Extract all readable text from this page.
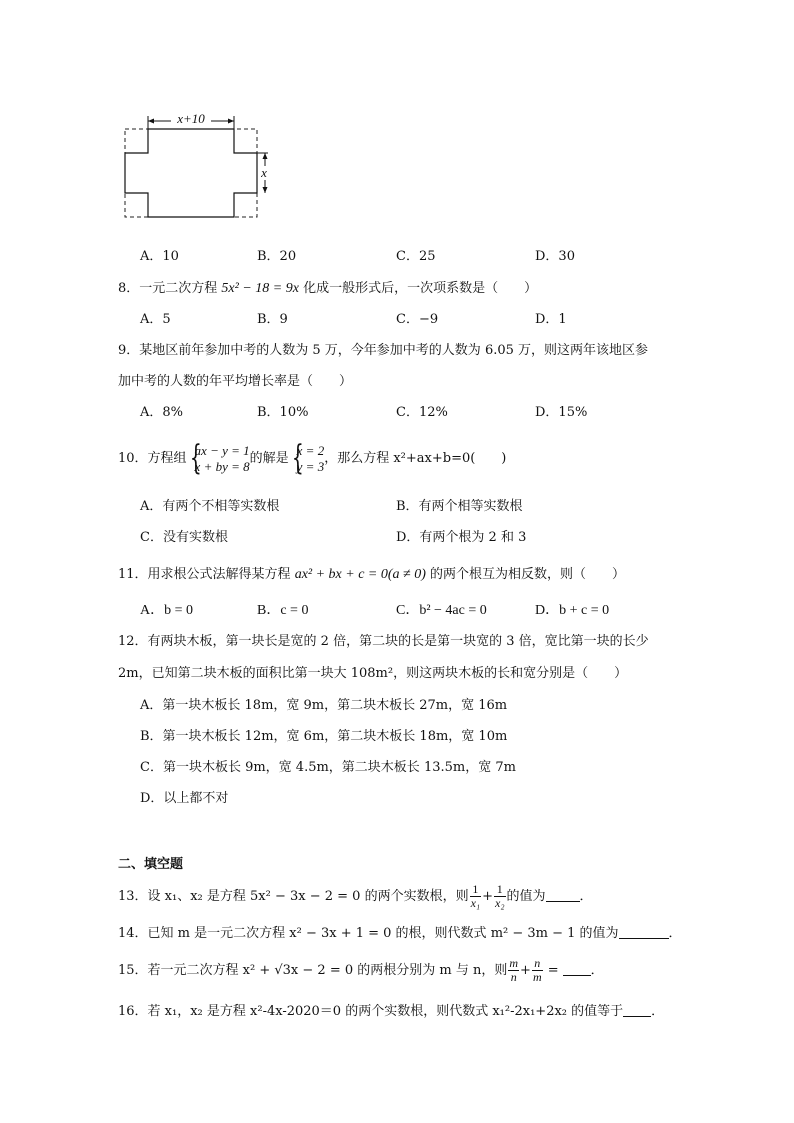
x+10
x
A．10	B．20	C．25	D．30
8．一元二次方程 5x² − 18 = 9x 化成一般形式后，一次项系数是（　　）
A．5	B．9	C．−9	D．1
9．某地区前年参加中考的人数为 5 万，今年参加中考的人数为 6.05 万，则这两年该地区参
加中考的人数的年平均增长率是（　　）
A．8%	B．10%	C．12%	D．15%
10．方程组 {
ax − y = 1
x + by = 8 的解是 {
x = 2
y = 3 ，那么方程 x²+ax+b=0(　　)
A．有两个不相等实数根	B．有两个相等实数根
C．没有实数根	D．有两个根为 2 和 3
11．用求根公式法解得某方程 ax² + bx + c = 0(a ≠ 0) 的两个根互为相反数，则（　　）
A．b = 0	B．c = 0	C．b² − 4ac = 0	D．b + c = 0
12．有两块木板，第一块长是宽的 2 倍，第二块的长是第一块宽的 3 倍，宽比第一块的长少
2m，已知第二块木板的面积比第一块大 108m²，则这两块木板的长和宽分别是（　　）
A．第一块木板长 18m，宽 9m，第二块木板长 27m，宽 16m
B．第一块木板长 12m，宽 6m，第二块木板长 18m，宽 10m
C．第一块木板长 9m，宽 4.5m，第二块木板长 13.5m，宽 7m
D．以上都不对
二、填空题
13．设 x₁、x₂ 是方程 5x² − 3x − 2 = 0 的两个实数根，则 $\frac{1}{\text{x₁}} + \frac{1}{\text{x₂}}$ 的值为	．
14．已知 m 是一元二次方程 x² − 3x + 1 = 0 的根，则代数式 m² − 3m − 1 的值为	．
15．若一元二次方程 x² + √3x − 2 = 0 的两根分别为 m 与 n，则 $\frac{m}{n} + \frac{n}{m}$ = ．
16．若 x₁，x₂ 是方程 x²-4x-2020＝0 的两个实数根，则代数式 x₁²-2x₁+2x₂ 的值等于 ．
